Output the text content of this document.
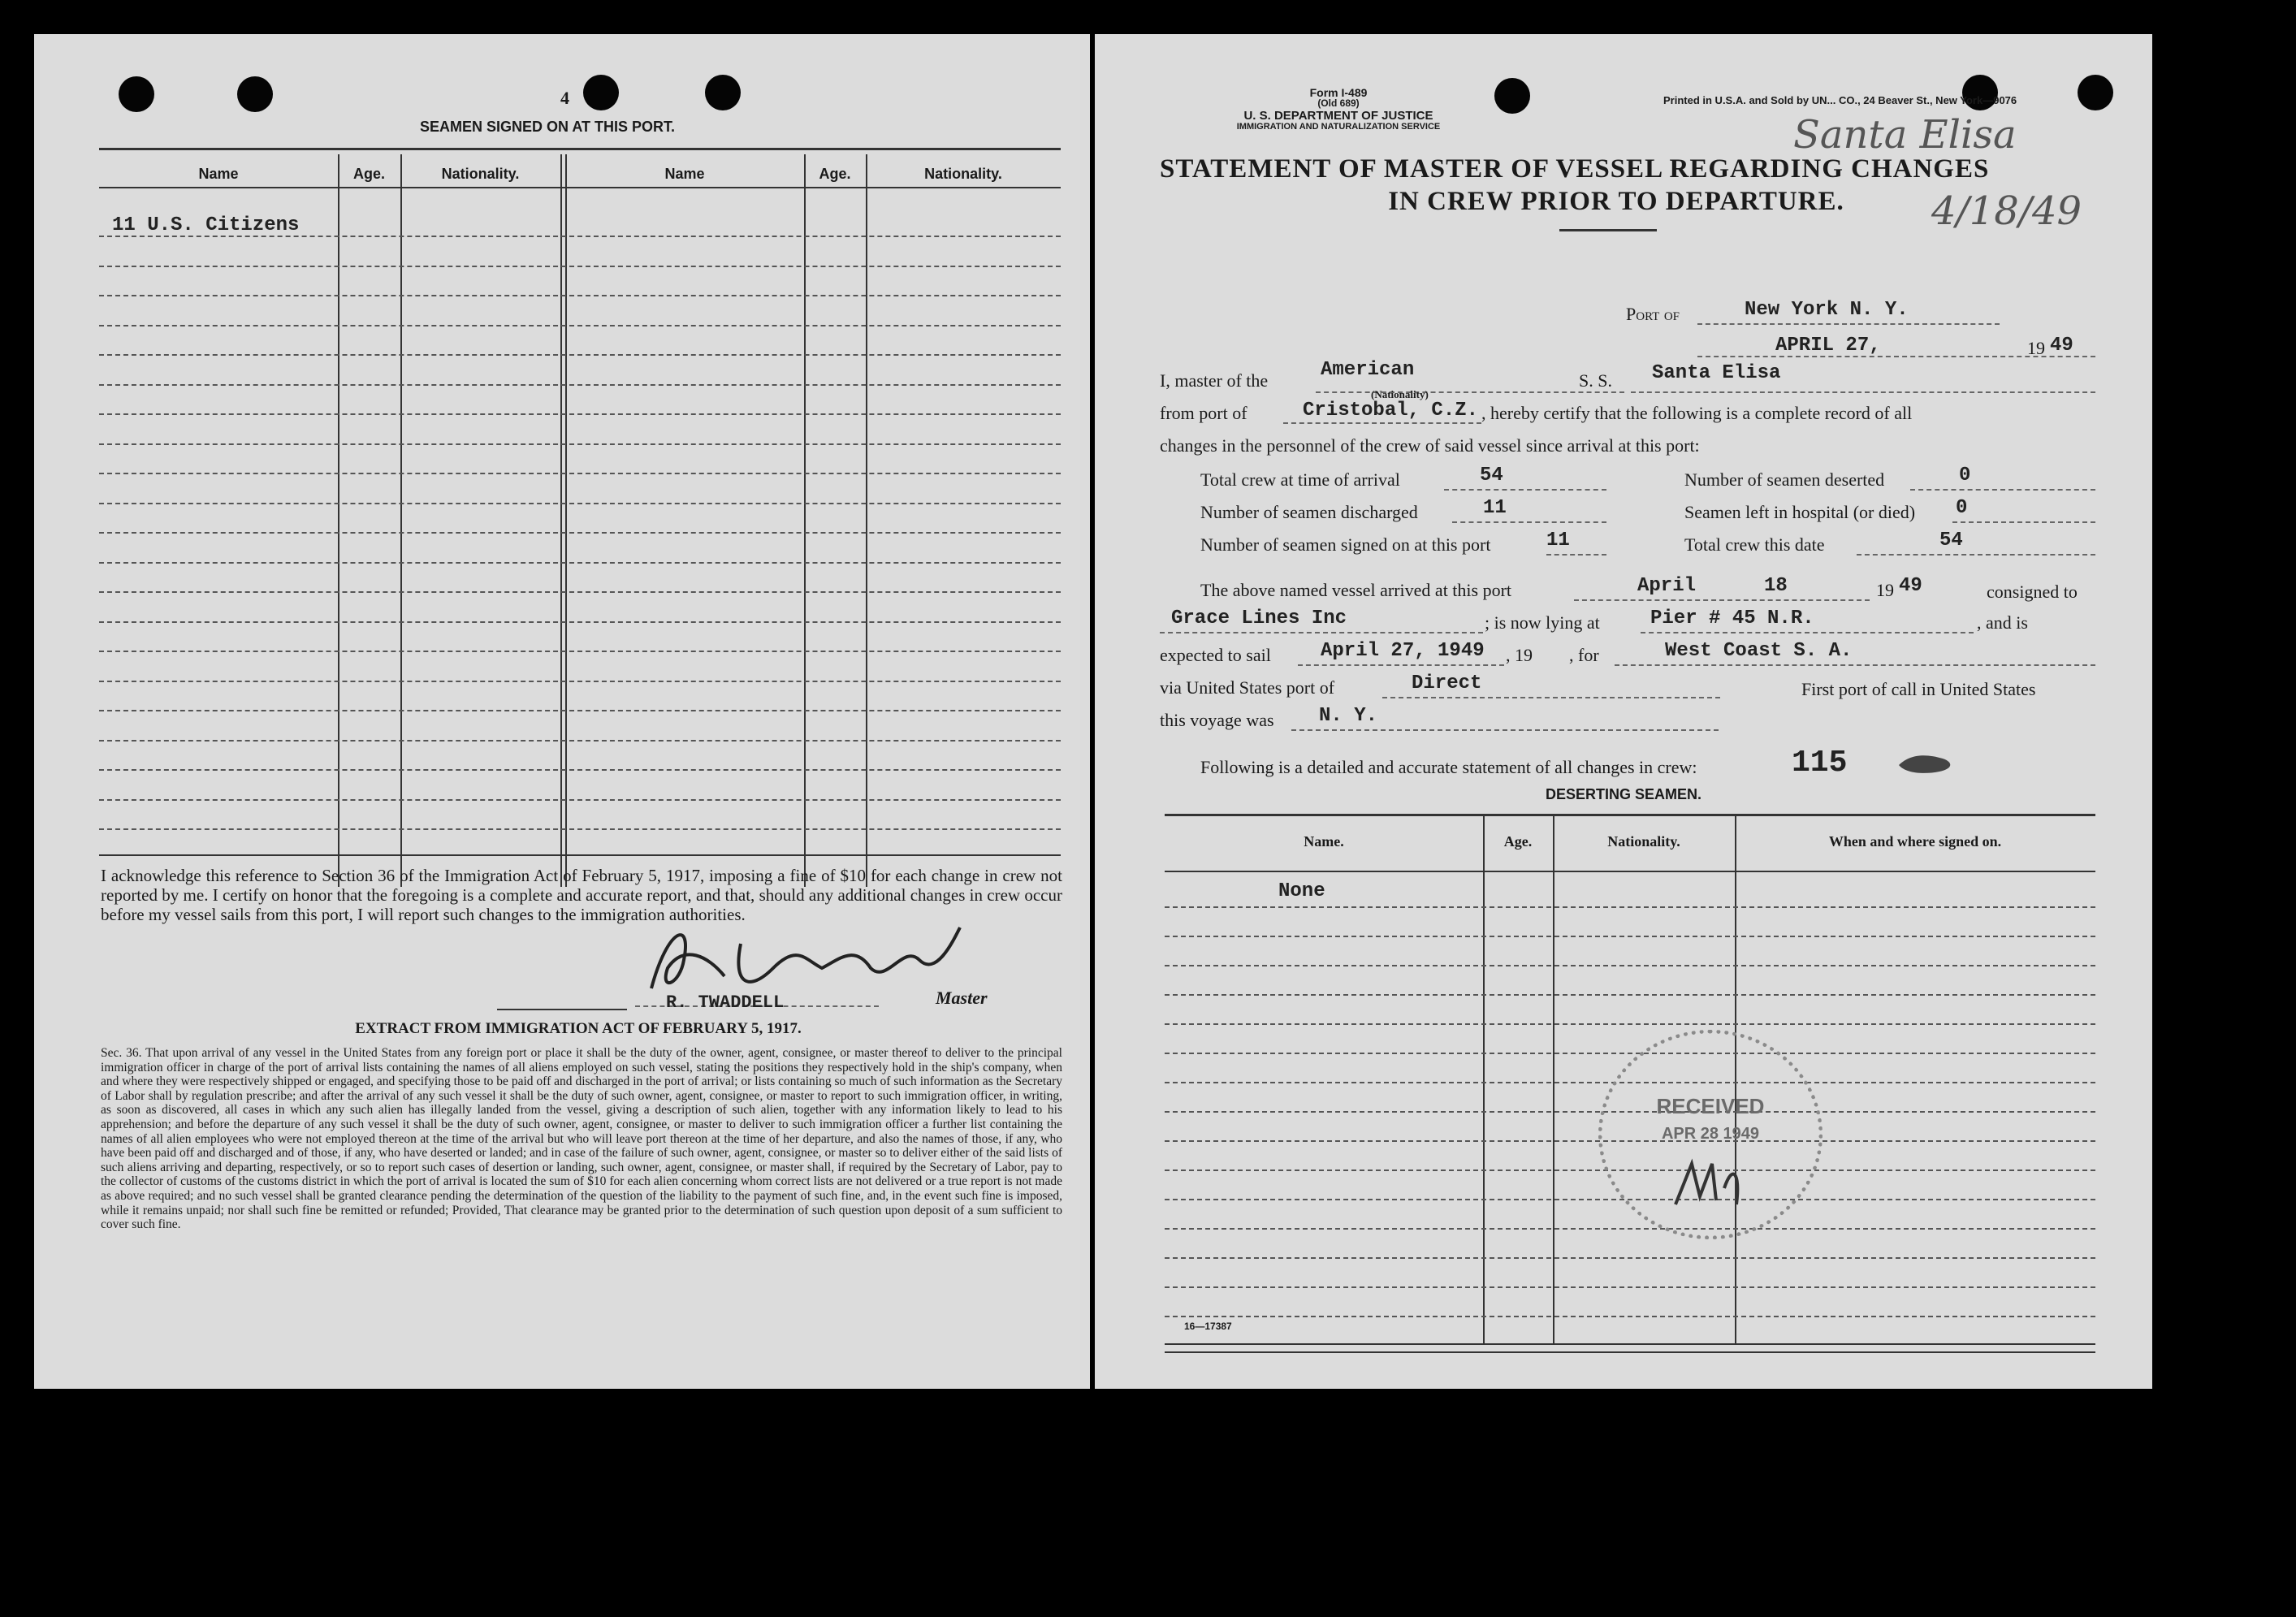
4
SEAMEN SIGNED ON AT THIS PORT.
Name	Age.	Nationality.	Name	Age.	Nationality.
11 U.S. Citizens
I acknowledge this reference to Section 36 of the Immigration Act of February 5, 1917, imposing a fine of $10 for each change in crew not reported by me. I certify on honor that the foregoing is a complete and accurate report, and that, should any additional changes in crew occur before my vessel sails from this port, I will report such changes to the immigration authorities.
R. TWADDELL	Master
EXTRACT FROM IMMIGRATION ACT OF FEBRUARY 5, 1917.
Sec. 36. That upon arrival of any vessel in the United States from any foreign port or place it shall be the duty of the owner, agent, consignee, or master thereof to deliver to the principal immigration officer in charge of the port of arrival lists containing the names of all aliens employed on such vessel, stating the positions they respectively hold in the ship's company, when and where they were respectively shipped or engaged, and specifying those to be paid off and discharged in the port of arrival; or lists containing so much of such information as the Secretary of Labor shall by regulation prescribe; and after the arrival of any such vessel it shall be the duty of such owner, agent, consignee, or master to report to such immigration officer, in writing, as soon as discovered, all cases in which any such alien has illegally landed from the vessel, giving a description of such alien, together with any information likely to lead to his apprehension; and before the departure of any such vessel it shall be the duty of such owner, agent, consignee, or master to deliver to such immigration officer a further list containing the names of all alien employees who were not employed thereon at the time of the arrival but who will leave port thereon at the time of her departure, and also the names of those, if any, who have been paid off and discharged and of those, if any, who have deserted or landed; and in case of the failure of such owner, agent, consignee, or master so to deliver either of the said lists of such aliens arriving and departing, respectively, or so to report such cases of desertion or landing, such owner, agent, consignee, or master shall, if required by the Secretary of Labor, pay to the collector of customs of the customs district in which the port of arrival is located the sum of $10 for each alien concerning whom correct lists are not delivered or a true report is not made as above required; and no such vessel shall be granted clearance pending the determination of the question of the liability to the payment of such fine, and, in the event such fine is imposed, while it remains unpaid; nor shall such fine be remitted or refunded; Provided, That clearance may be granted prior to the determination of such question upon deposit of a sum sufficient to cover such fine.
Form I-489
(Old 689)
U. S. DEPARTMENT OF JUSTICE
IMMIGRATION AND NATURALIZATION SERVICE
Printed in U.S.A. and Sold by UN... CO., 24 Beaver St., New York—9076
Santa Elisa
4/18/49
STATEMENT OF MASTER OF VESSEL REGARDING CHANGES
IN CREW PRIOR TO DEPARTURE.
Port of	New York N. Y.
APRIL 27,	19 49
I, master of the	American
(Nationality)
S. S. Santa Elisa
from port of	Cristobal, C.Z. , hereby certify that the following is a complete record of all
changes in the personnel of the crew of said vessel since arrival at this port:
Total crew at time of arrival	54	Number of seamen deserted	0
Number of seamen discharged	11	Seamen left in hospital (or died) 0
Number of seamen signed on at this port	11	Total crew this date	54
The above named vessel arrived at this port	April	18	19 49	consigned to
Grace Lines Inc	; is now lying at	Pier # 45 N.R.	, and is
expected to sail	April 27, 1949 , 19 , for	West Coast S. A.
via United States port of	Direct	First port of call in United States
this voyage was N. Y.
Following is a detailed and accurate statement of all changes in crew:	115
DESERTING SEAMEN.
Name.	Age.	Nationality.	When and where signed on.
None
RECEIVED
APR 28 1949
16—17387
